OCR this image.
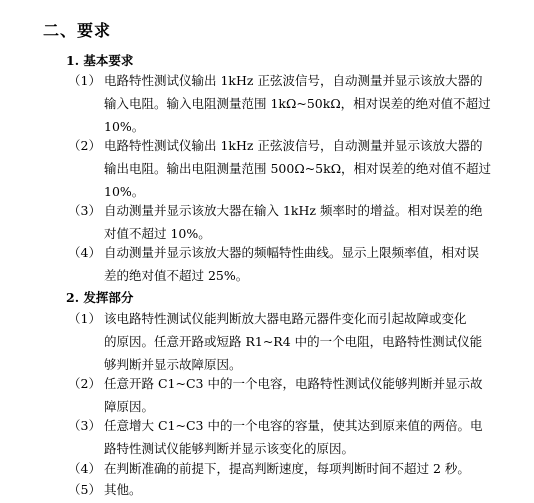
二、要求
1. 基本要求
（1） 电路特性测试仪输出 1kHz 正弦波信号，自动测量并显示该放大器的
输入电阻。输入电阻测量范围 1kΩ~50kΩ，相对误差的绝对值不超过
10%。
（2） 电路特性测试仪输出 1kHz 正弦波信号，自动测量并显示该放大器的
输出电阻。输出电阻测量范围 500Ω~5kΩ，相对误差的绝对值不超过
10%。
（3） 自动测量并显示该放大器在输入 1kHz 频率时的增益。相对误差的绝
对值不超过 10%。
（4） 自动测量并显示该放大器的频幅特性曲线。显示上限频率值，相对误
差的绝对值不超过 25%。
2. 发挥部分
（1） 该电路特性测试仪能判断放大器电路元器件变化而引起故障或变化
的原因。任意开路或短路 R1~R4 中的一个电阻，电路特性测试仪能
够判断并显示故障原因。
（2） 任意开路 C1~C3 中的一个电容，电路特性测试仪能够判断并显示故
障原因。
（3） 任意增大 C1~C3 中的一个电容的容量，使其达到原来值的两倍。电
路特性测试仪能够判断并显示该变化的原因。
（4） 在判断准确的前提下，提高判断速度，每项判断时间不超过 2 秒。
（5） 其他。
